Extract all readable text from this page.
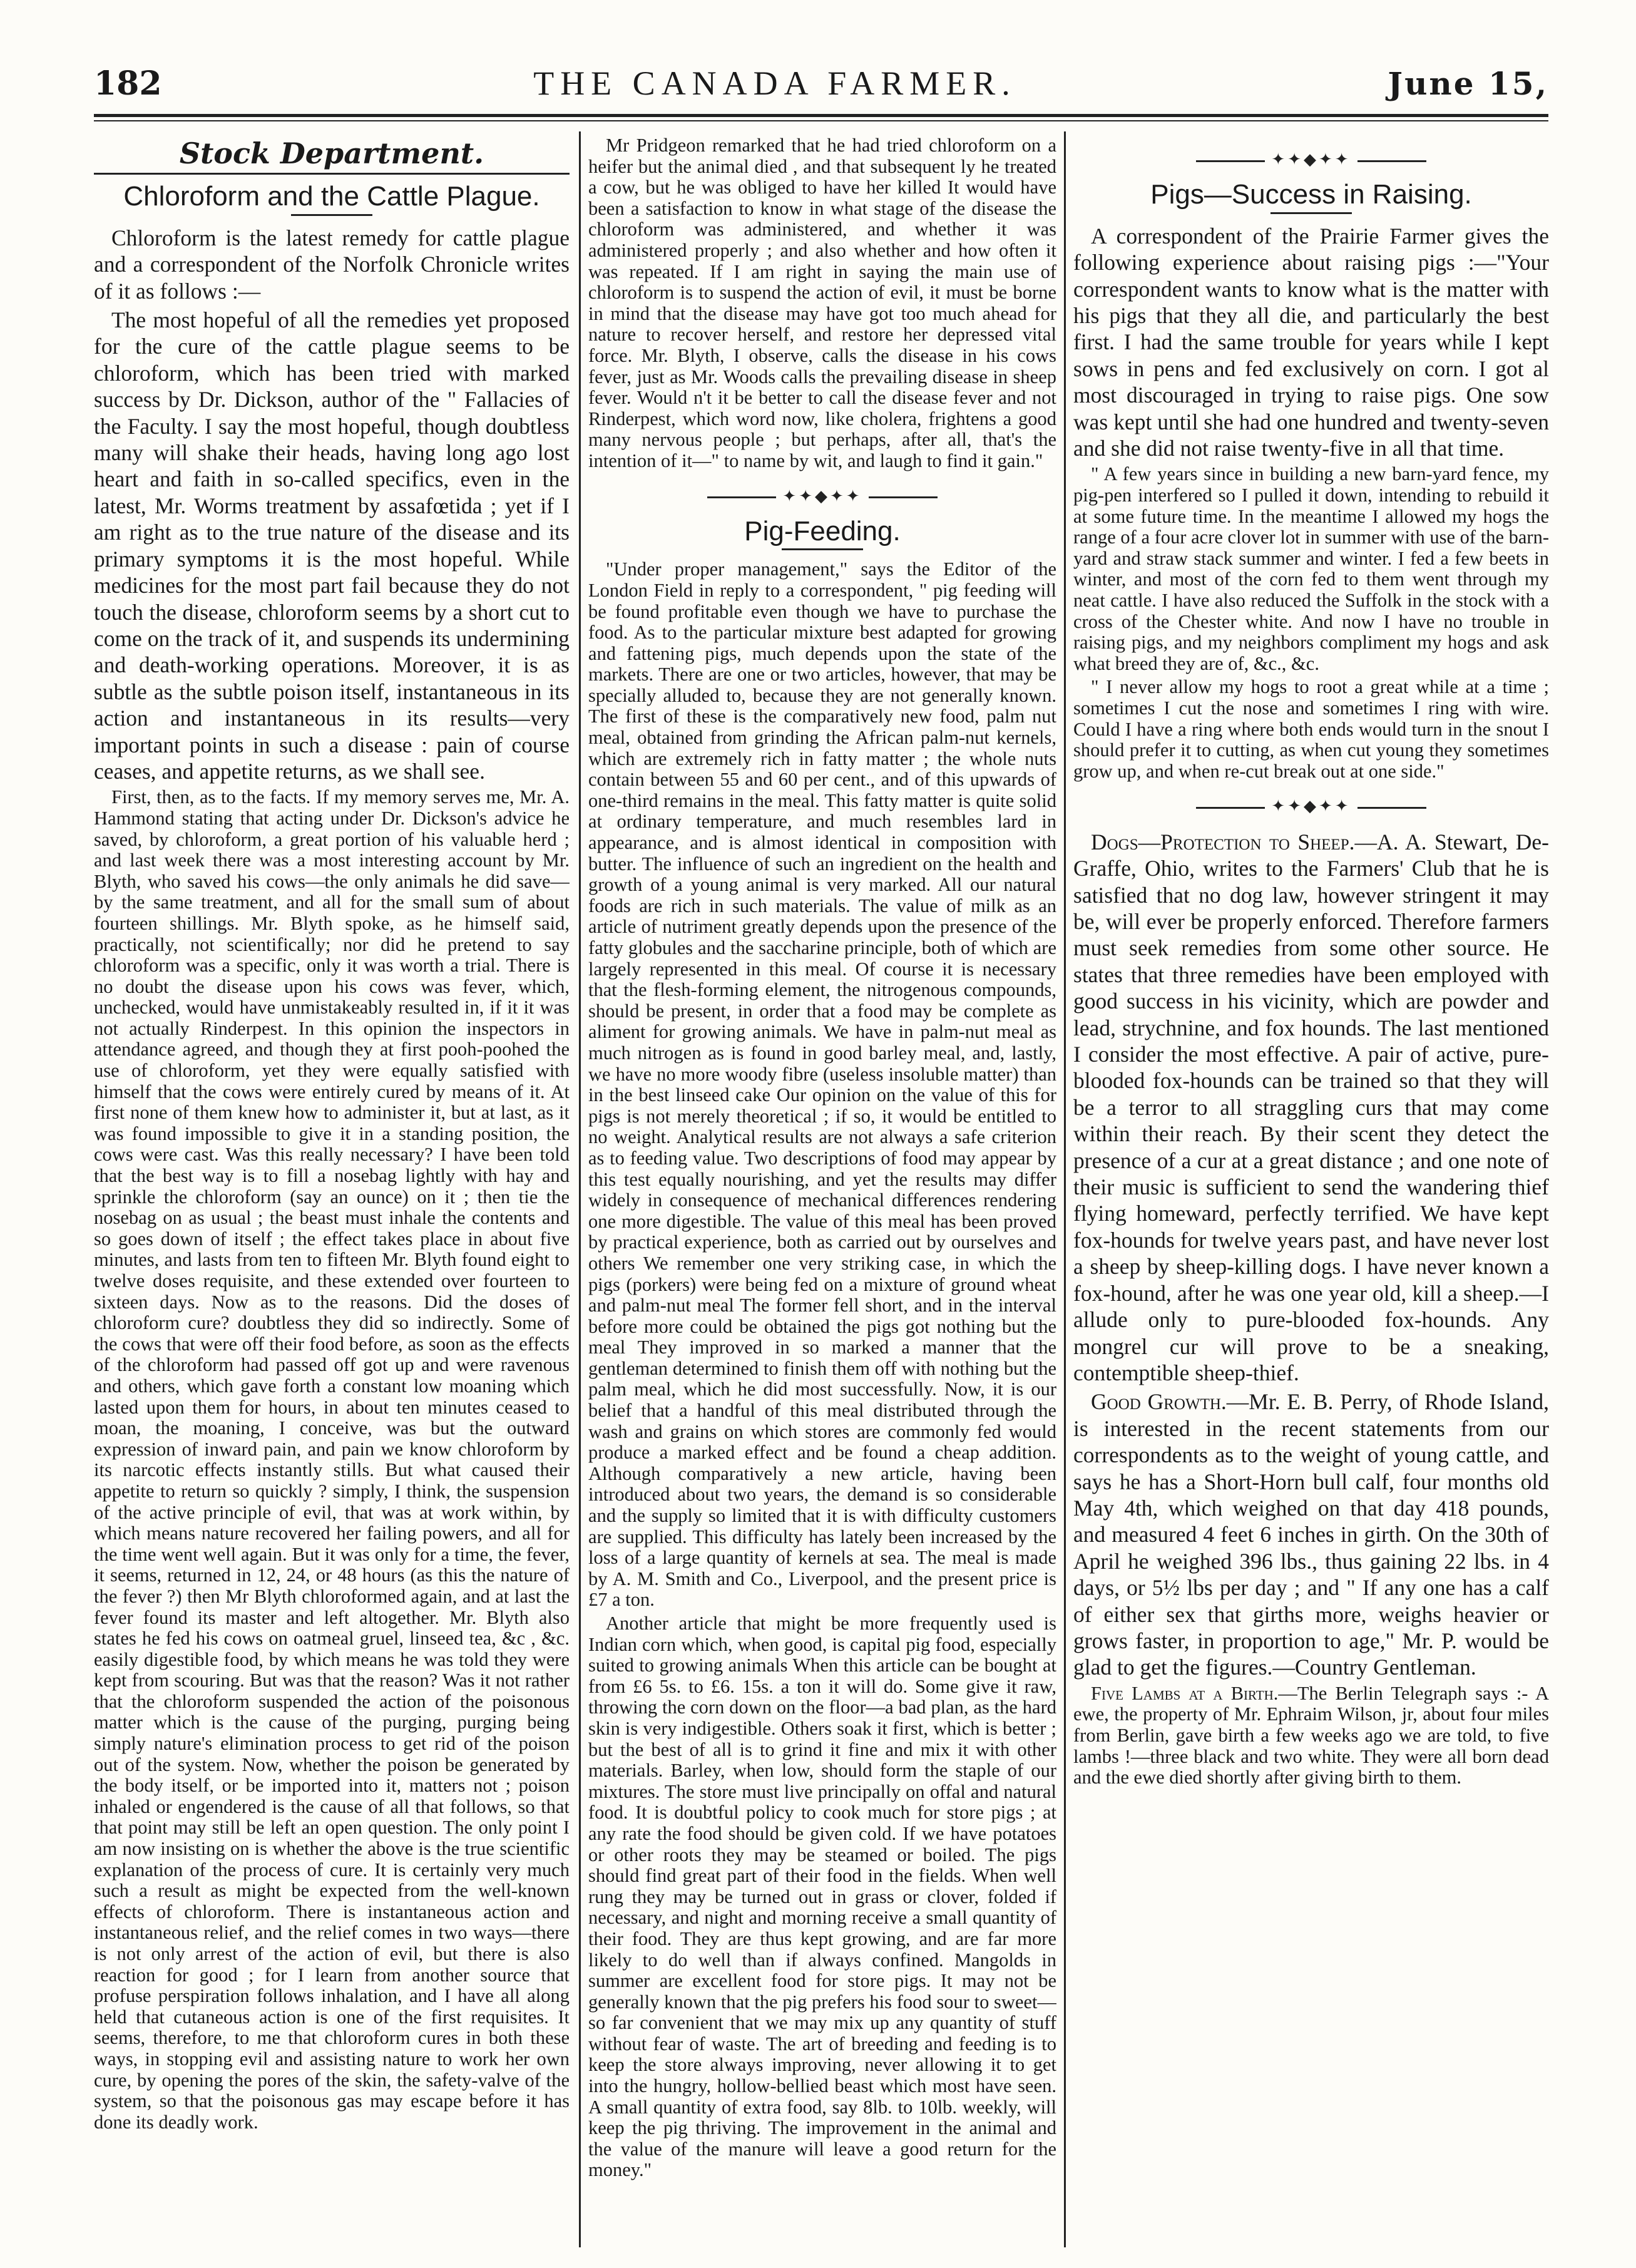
182	THE CANADA FARMER.	June 15,
Stock Department.
Chloroform and the Cattle Plague.

Chloroform is the latest remedy for cattle plague and a correspondent of the Norfolk Chronicle writes of it as follows :—

The most hopeful of all the remedies yet proposed for the cure of the cattle plague seems to be chloroform, which has been tried with marked success by Dr. Dickson, author of the " Fallacies of the Faculty. I say the most hopeful, though doubtless many will shake their heads, having long ago lost heart and faith in so-called specifics, even in the latest, Mr. Worms treatment by assafœtida ; yet if I am right as to the true nature of the disease and its primary symptoms it is the most hopeful. While medicines for the most part fail because they do not touch the disease, chloroform seems by a short cut to come on the track of it, and suspends its undermining and death-working operations. Moreover, it is as subtle as the subtle poison itself, instantaneous in its action and instantaneous in its results—very important points in such a disease : pain of course ceases, and appetite returns, as we shall see.

First, then, as to the facts. If my memory serves me, Mr. A. Hammond stating that acting under Dr. Dickson's advice he saved, by chloroform, a great portion of his valuable herd ; and last week there was a most interesting account by Mr. Blyth, who saved his cows—the only animals he did save—by the same treatment, and all for the small sum of about fourteen shillings. Mr. Blyth spoke, as he himself said, practically, not scientifically; nor did he pretend to say chloroform was a specific, only it was worth a trial. There is no doubt the disease upon his cows was fever, which, unchecked, would have unmistakeably resulted in, if it it was not actually Rinderpest. In this opinion the inspectors in attendance agreed, and though they at first pooh-poohed the use of chloroform, yet they were equally satisfied with himself that the cows were entirely cured by means of it. At first none of them knew how to administer it, but at last, as it was found impossible to give it in a standing position, the cows were cast. Was this really necessary? I have been told that the best way is to fill a nosebag lightly with hay and sprinkle the chloroform (say an ounce) on it ; then tie the nosebag on as usual ; the beast must inhale the contents and so goes down of itself ; the effect takes place in about five minutes, and lasts from ten to fifteen Mr. Blyth found eight to twelve doses requisite, and these extended over fourteen to sixteen days. Now as to the reasons. Did the doses of chloroform cure? doubtless they did so indirectly. Some of the cows that were off their food before, as soon as the effects of the chloroform had passed off got up and were ravenous and others, which gave forth a constant low moaning which lasted upon them for hours, in about ten minutes ceased to moan, the moaning, I conceive, was but the outward expression of inward pain, and pain we know chloroform by its narcotic effects instantly stills. But what caused their appetite to return so quickly ? simply, I think, the suspension of the active principle of evil, that was at work within, by which means nature recovered her failing powers, and all for the time went well again. But it was only for a time, the fever, it seems, returned in 12, 24, or 48 hours (as this the nature of the fever ?) then Mr Blyth chloroformed again, and at last the fever found its master and left altogether. Mr. Blyth also states he fed his cows on oatmeal gruel, linseed tea, &c , &c. easily digestible food, by which means he was told they were kept from scouring. But was that the reason? Was it not rather that the chloroform suspended the action of the poisonous matter which is the cause of the purging, purging being simply nature's elimination process to get rid of the poison out of the system. Now, whether the poison be generated by the body itself, or be imported into it, matters not ; poison inhaled or engendered is the cause of all that follows, so that that point may still be left an open question. The only point I am now insisting on is whether the above is the true scientific explanation of the process of cure. It is certainly very much such a result as might be expected from the well-known effects of chloroform. There is instantaneous action and instantaneous relief, and the relief comes in two ways—there is not only arrest of the action of evil, but there is also reaction for good ; for I learn from another source that profuse perspiration follows inhalation, and I have all along held that cutaneous action is one of the first requisites. It seems, therefore, to me that chloroform cures in both these ways, in stopping evil and assisting nature to work her own cure, by opening the pores of the skin, the safety-valve of the system, so that the poisonous gas may escape before it has done its deadly work.

Mr Pridgeon remarked that he had tried chloroform on a heifer but the animal died , and that subsequent ly he treated a cow, but he was obliged to have her killed It would have been a satisfaction to know in what stage of the disease the chloroform was administered, and whether it was administered properly ; and also whether and how often it was repeated. If I am right in saying the main use of chloroform is to suspend the action of evil, it must be borne in mind that the disease may have got too much ahead for nature to recover herself, and restore her depressed vital force. Mr. Blyth, I observe, calls the disease in his cows fever, just as Mr. Woods calls the prevailing disease in sheep fever. Would n't it be better to call the disease fever and not Rinderpest, which word now, like cholera, frightens a good many nervous people ; but perhaps, after all, that's the intention of it—" to name by wit, and laugh to find it gain."

✦✦◆✦✦
Pig-Feeding.

"Under proper management," says the Editor of the London Field in reply to a correspondent, " pig feeding will be found profitable even though we have to purchase the food. As to the particular mixture best adapted for growing and fattening pigs, much depends upon the state of the markets. There are one or two articles, however, that may be specially alluded to, because they are not generally known. The first of these is the comparatively new food, palm nut meal, obtained from grinding the African palm-nut kernels, which are extremely rich in fatty matter ; the whole nuts contain between 55 and 60 per cent., and of this upwards of one-third remains in the meal. This fatty matter is quite solid at ordinary temperature, and much resembles lard in appearance, and is almost identical in composition with butter. The influence of such an ingredient on the health and growth of a young animal is very marked. All our natural foods are rich in such materials. The value of milk as an article of nutriment greatly depends upon the presence of the fatty globules and the saccharine principle, both of which are largely represented in this meal. Of course it is necessary that the flesh-forming element, the nitrogenous compounds, should be present, in order that a food may be complete as aliment for growing animals. We have in palm-nut meal as much nitrogen as is found in good barley meal, and, lastly, we have no more woody fibre (useless insoluble matter) than in the best linseed cake Our opinion on the value of this for pigs is not merely theoretical ; if so, it would be entitled to no weight. Analytical results are not always a safe criterion as to feeding value. Two descriptions of food may appear by this test equally nourishing, and yet the results may differ widely in consequence of mechanical differences rendering one more digestible. The value of this meal has been proved by practical experience, both as carried out by ourselves and others We remember one very striking case, in which the pigs (porkers) were being fed on a mixture of ground wheat and palm-nut meal The former fell short, and in the interval before more could be obtained the pigs got nothing but the meal They improved in so marked a manner that the gentleman determined to finish them off with nothing but the palm meal, which he did most successfully. Now, it is our belief that a handful of this meal distributed through the wash and grains on which stores are commonly fed would produce a marked effect and be found a cheap addition. Although comparatively a new article, having been introduced about two years, the demand is so considerable and the supply so limited that it is with difficulty customers are supplied. This difficulty has lately been increased by the loss of a large quantity of kernels at sea. The meal is made by A. M. Smith and Co., Liverpool, and the present price is £7 a ton.

Another article that might be more frequently used is Indian corn which, when good, is capital pig food, especially suited to growing animals When this article can be bought at from £6 5s. to £6. 15s. a ton it will do. Some give it raw, throwing the corn down on the floor—a bad plan, as the hard skin is very indigestible. Others soak it first, which is better ; but the best of all is to grind it fine and mix it with other materials. Barley, when low, should form the staple of our mixtures. The store must live principally on offal and natural food. It is doubtful policy to cook much for store pigs ; at any rate the food should be given cold. If we have potatoes or other roots they may be steamed or boiled. The pigs should find great part of their food in the fields. When well rung they may be turned out in grass or clover, folded if necessary, and night and morning receive a small quantity of their food. They are thus kept growing, and are far more likely to do well than if always confined. Mangolds in summer are excellent food for store pigs. It may not be generally known that the pig prefers his food sour to sweet—so far convenient that we may mix up any quantity of stuff without fear of waste. The art of breeding and feeding is to keep the store always improving, never allowing it to get into the hungry, hollow-bellied beast which most have seen. A small quantity of extra food, say 8lb. to 10lb. weekly, will keep the pig thriving. The improvement in the animal and the value of the manure will leave a good return for the money."

✦✦◆✦✦
Pigs—Success in Raising.

A correspondent of the Prairie Farmer gives the following experience about raising pigs :—"Your correspondent wants to know what is the matter with his pigs that they all die, and particularly the best first. I had the same trouble for years while I kept sows in pens and fed exclusively on corn. I got al most discouraged in trying to raise pigs. One sow was kept until she had one hundred and twenty-seven and she did not raise twenty-five in all that time.

" A few years since in building a new barn-yard fence, my pig-pen interfered so I pulled it down, intending to rebuild it at some future time. In the meantime I allowed my hogs the range of a four acre clover lot in summer with use of the barn-yard and straw stack summer and winter. I fed a few beets in winter, and most of the corn fed to them went through my neat cattle. I have also reduced the Suffolk in the stock with a cross of the Chester white. And now I have no trouble in raising pigs, and my neighbors compliment my hogs and ask what breed they are of, &c., &c.

" I never allow my hogs to root a great while at a time ; sometimes I cut the nose and sometimes I ring with wire. Could I have a ring where both ends would turn in the snout I should prefer it to cutting, as when cut young they sometimes grow up, and when re-cut break out at one side."

✦✦◆✦✦

Dogs—Protection to Sheep.—A. A. Stewart, De-Graffe, Ohio, writes to the Farmers' Club that he is satisfied that no dog law, however stringent it may be, will ever be properly enforced. Therefore farmers must seek remedies from some other source. He states that three remedies have been employed with good success in his vicinity, which are powder and lead, strychnine, and fox hounds. The last mentioned I consider the most effective. A pair of active, pure-blooded fox-hounds can be trained so that they will be a terror to all straggling curs that may come within their reach. By their scent they detect the presence of a cur at a great distance ; and one note of their music is sufficient to send the wandering thief flying homeward, perfectly terrified. We have kept fox-hounds for twelve years past, and have never lost a sheep by sheep-killing dogs. I have never known a fox-hound, after he was one year old, kill a sheep.—I allude only to pure-blooded fox-hounds. Any mongrel cur will prove to be a sneaking, contemptible sheep-thief.

Good Growth.—Mr. E. B. Perry, of Rhode Island, is interested in the recent statements from our correspondents as to the weight of young cattle, and says he has a Short-Horn bull calf, four months old May 4th, which weighed on that day 418 pounds, and measured 4 feet 6 inches in girth. On the 30th of April he weighed 396 lbs., thus gaining 22 lbs. in 4 days, or 5½ lbs per day ; and " If any one has a calf of either sex that girths more, weighs heavier or grows faster, in proportion to age," Mr. P. would be glad to get the figures.—Country Gentleman.

Five Lambs at a Birth.—The Berlin Telegraph says :- A ewe, the property of Mr. Ephraim Wilson, jr, about four miles from Berlin, gave birth a few weeks ago we are told, to five lambs !—three black and two white. They were all born dead and the ewe died shortly after giving birth to them.
